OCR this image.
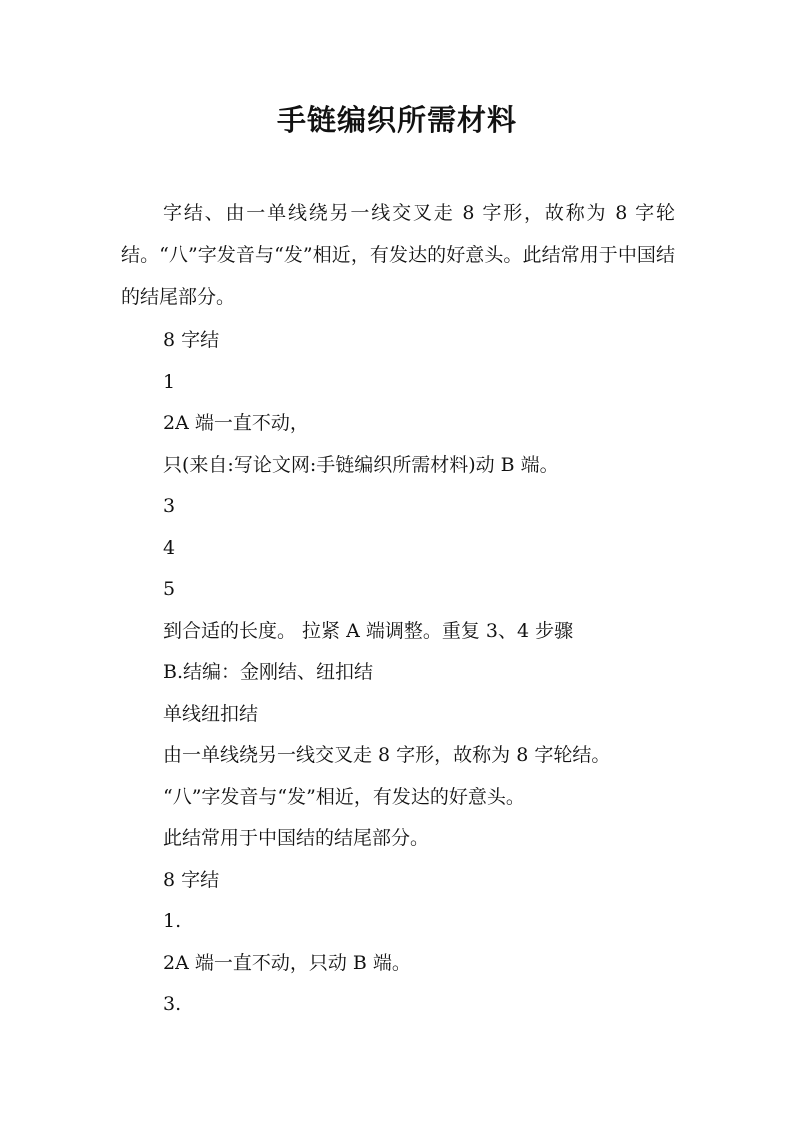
手链编织所需材料

字结、由一单线绕另一线交叉走 8 字形，故称为 8 字轮结。“八”字发音与“发”相近，有发达的好意头。此结常用于中国结的结尾部分。

8 字结
1
2A 端一直不动，
只(来自:写论文网:手链编织所需材料)动 B 端。
3
4
5
到合适的长度。 拉紧 A 端调整。重复 3、4 步骤
B.结编：金刚结、纽扣结
单线纽扣结
由一单线绕另一线交叉走 8 字形，故称为 8 字轮结。
“八”字发音与“发”相近，有发达的好意头。
此结常用于中国结的结尾部分。
8 字结
1.
2A 端一直不动，只动 B 端。
3.
